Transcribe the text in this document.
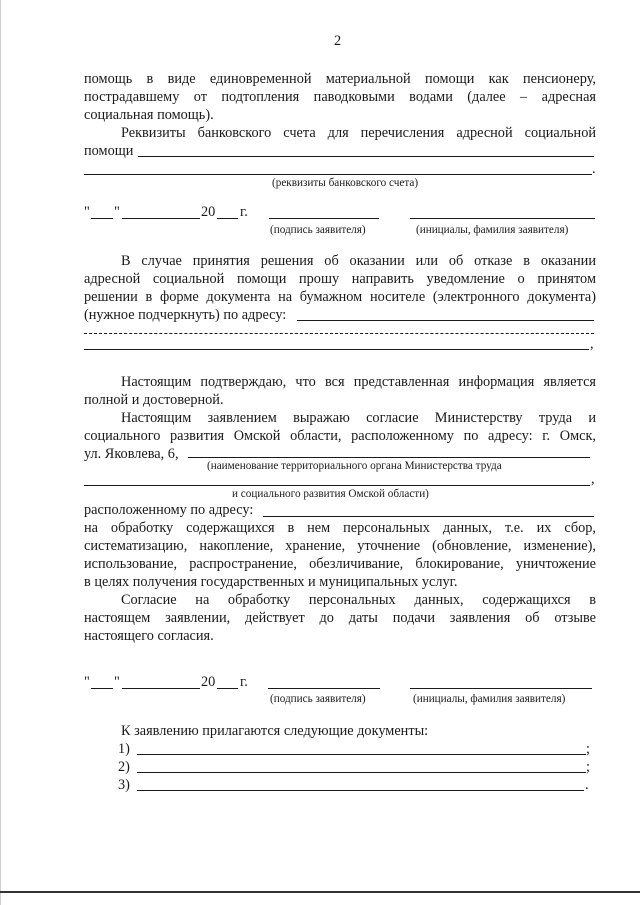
2
помощь в виде единовременной материальной помощи как пенсионеру,
пострадавшему от подтопления паводковыми водами (далее – адресная
социальная помощь).
Реквизиты банковского счета для перечисления адресной социальной
помощи
.
(реквизиты банковского счета)
" "	20 г.
(подпись заявителя)	(инициалы, фамилия заявителя)
В случае принятия решения об оказании или об отказе в оказании
адресной социальной помощи прошу направить уведомление о принятом
решении в форме документа на бумажном носителе (электронного документа)
(нужное подчеркнуть) по адресу:
,
Настоящим подтверждаю, что вся представленная информация является
полной и достоверной.
Настоящим заявлением выражаю согласие Министерству труда и
социального развития Омской области, расположенному по адресу: г. Омск,
ул. Яковлева, 6,
(наименование территориального органа Министерства труда
,
и социального развития Омской области)
расположенному по адресу:
на обработку содержащихся в нем персональных данных, т.е. их сбор,
систематизацию, накопление, хранение, уточнение (обновление, изменение),
использование, распространение, обезличивание, блокирование, уничтожение
в целях получения государственных и муниципальных услуг.
Согласие на обработку персональных данных, содержащихся в
настоящем заявлении, действует до даты подачи заявления об отзыве
настоящего согласия.
" "	20 г.
(подпись заявителя)	(инициалы, фамилия заявителя)
К заявлению прилагаются следующие документы:
1)	;
2)	;
3)	.
